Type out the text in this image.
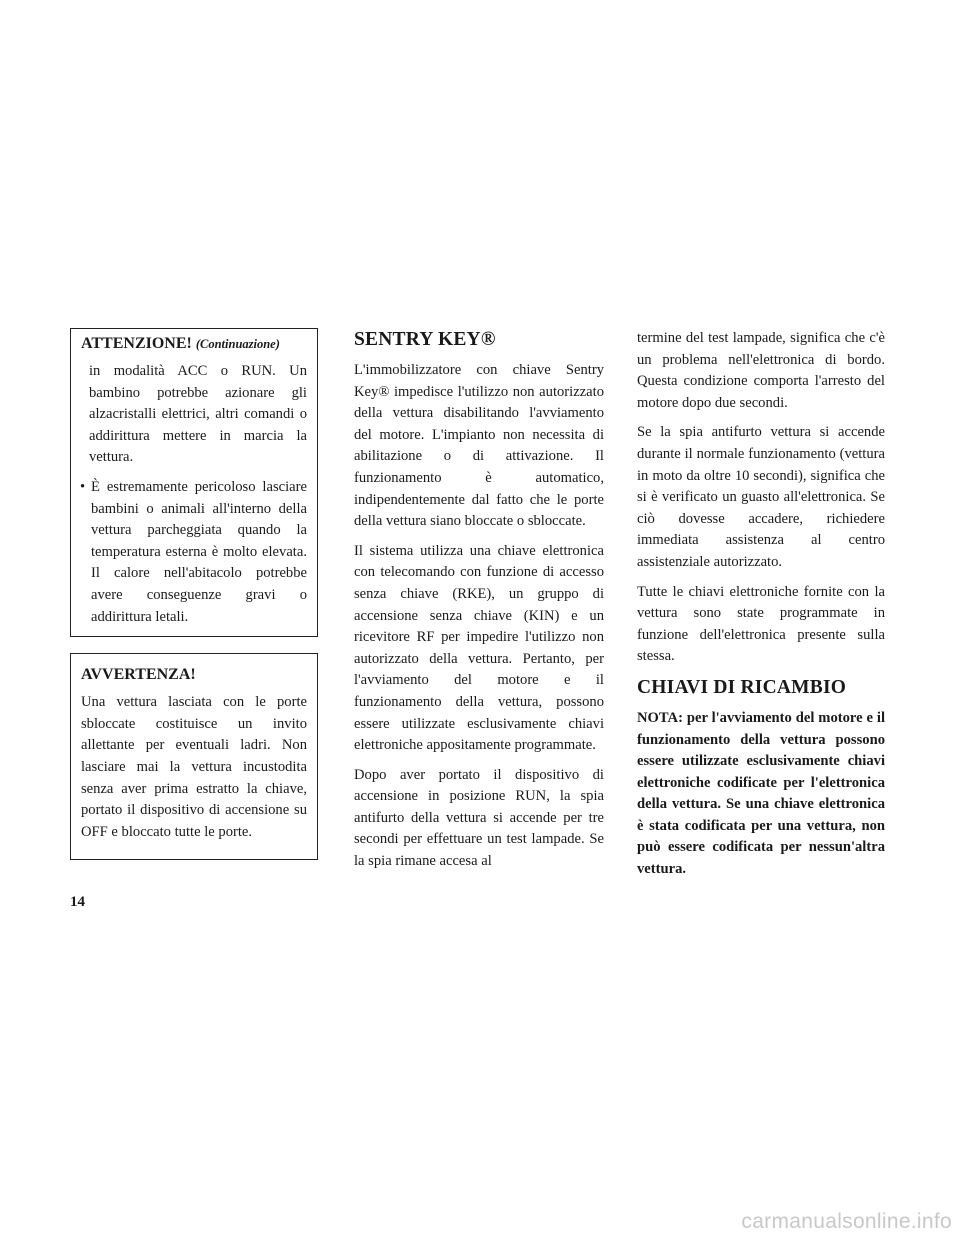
ATTENZIONE! (Continuazione)

in modalità ACC o RUN. Un bambino potrebbe azionare gli alzacristalli elettrici, altri comandi o addirittura mettere in marcia la vettura.

• È estremamente pericoloso lasciare bambini o animali all'interno della vettura parcheggiata quando la temperatura esterna è molto elevata. Il calore nell'abitacolo potrebbe avere conseguenze gravi o addirittura letali.
AVVERTENZA!

Una vettura lasciata con le porte sbloccate costituisce un invito allettante per eventuali ladri. Non lasciare mai la vettura incustodita senza aver prima estratto la chiave, portato il dispositivo di accensione su OFF e bloccato tutte le porte.

SENTRY KEY®

L'immobilizzatore con chiave Sentry Key® impedisce l'utilizzo non autorizzato della vettura disabilitando l'avviamento del motore. L'impianto non necessita di abilitazione o di attivazione. Il funzionamento è automatico, indipendentemente dal fatto che le porte della vettura siano bloccate o sbloccate.

Il sistema utilizza una chiave elettronica con telecomando con funzione di accesso senza chiave (RKE), un gruppo di accensione senza chiave (KIN) e un ricevitore RF per impedire l'utilizzo non autorizzato della vettura. Pertanto, per l'avviamento del motore e il funzionamento della vettura, possono essere utilizzate esclusivamente chiavi elettroniche appositamente programmate.

Dopo aver portato il dispositivo di accensione in posizione RUN, la spia antifurto della vettura si accende per tre secondi per effettuare un test lampade. Se la spia rimane accesa al

termine del test lampade, significa che c'è un problema nell'elettronica di bordo. Questa condizione comporta l'arresto del motore dopo due secondi.

Se la spia antifurto vettura si accende durante il normale funzionamento (vettura in moto da oltre 10 secondi), significa che si è verificato un guasto all'elettronica. Se ciò dovesse accadere, richiedere immediata assistenza al centro assistenziale autorizzato.

Tutte le chiavi elettroniche fornite con la vettura sono state programmate in funzione dell'elettronica presente sulla stessa.

CHIAVI DI RICAMBIO

NOTA: per l'avviamento del motore e il funzionamento della vettura possono essere utilizzate esclusivamente chiavi elettroniche codificate per l'elettronica della vettura. Se una chiave elettronica è stata codificata per una vettura, non può essere codificata per nessun'altra vettura.

14
carmanualsonline.info
